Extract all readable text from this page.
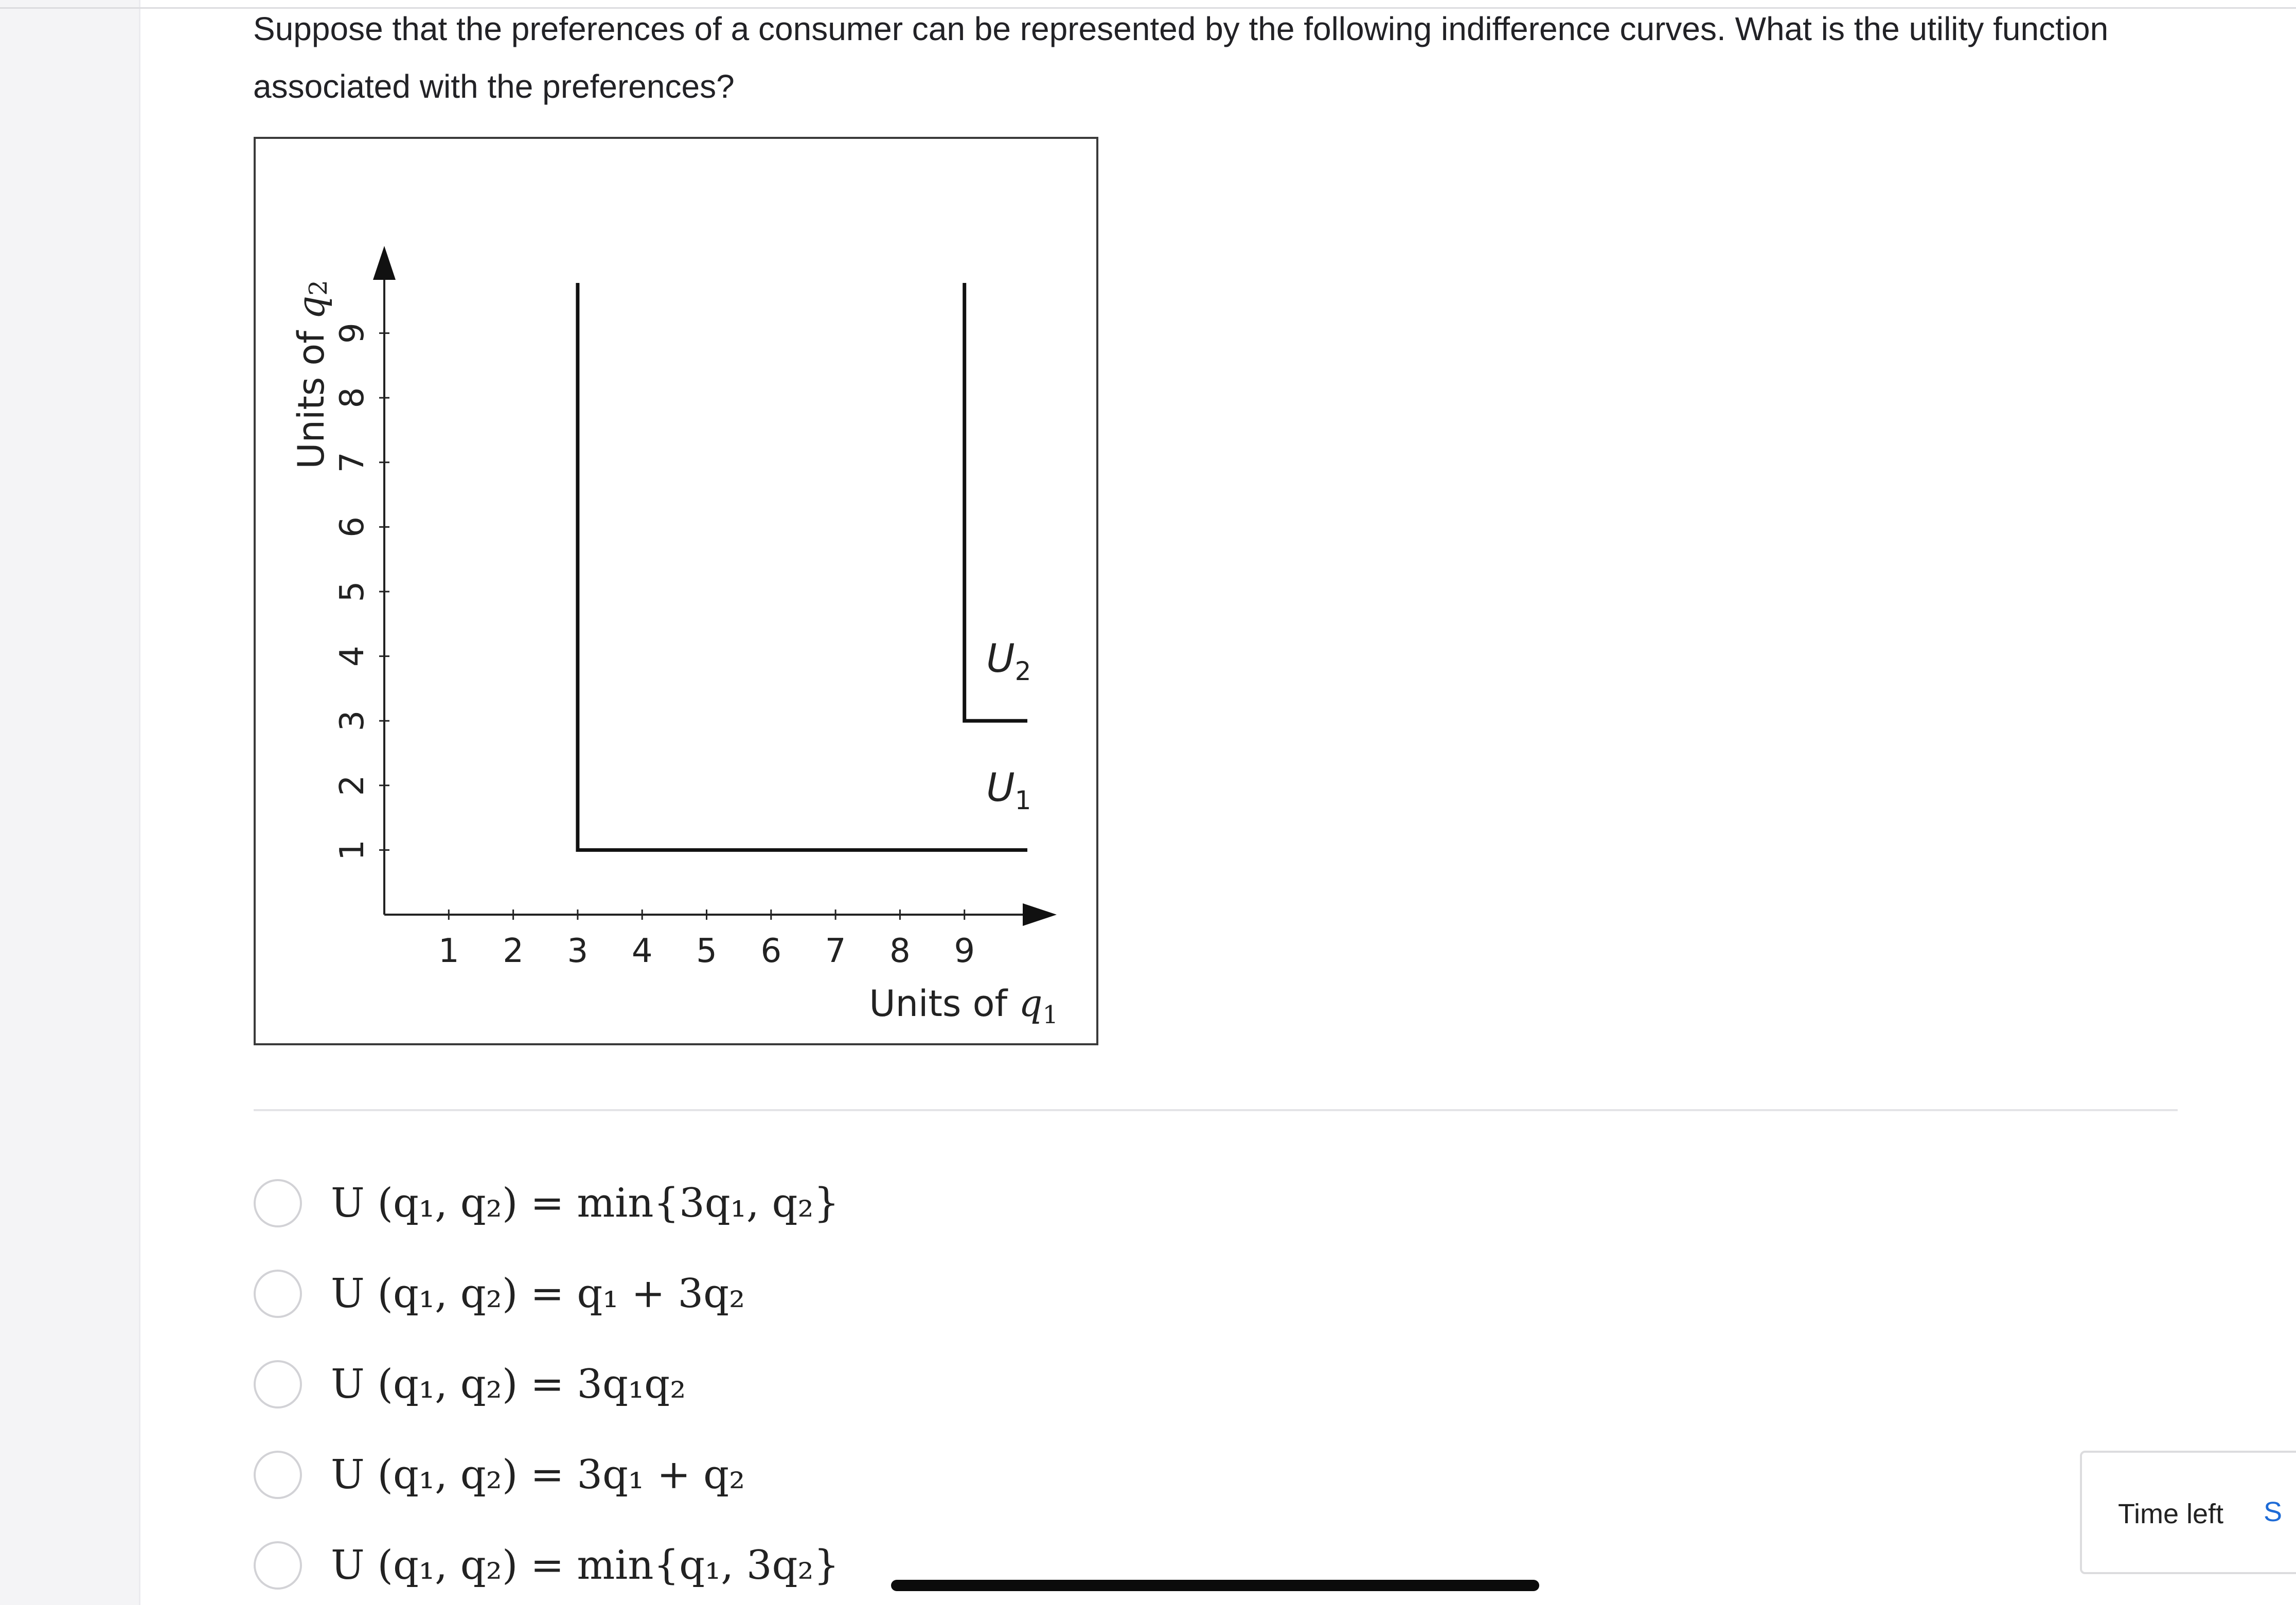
Suppose that the preferences of a consumer can be represented by the following indifference curves. What is the utility function associated with the preferences?

1 2 3 4 5 6 7 8 9
1
2
3
4
5
6
7
8
9
Units of $q_1$
Units of $q_2$
$U_1$
$U_2$
U (q₁, q₂) = min{3q₁, q₂}
U (q₁, q₂) = q₁ + 3q₂
U (q₁, q₂) = 3q₁q₂
U (q₁, q₂) = 3q₁ + q₂
U (q₁, q₂) = min{q₁, 3q₂}
Time left S
